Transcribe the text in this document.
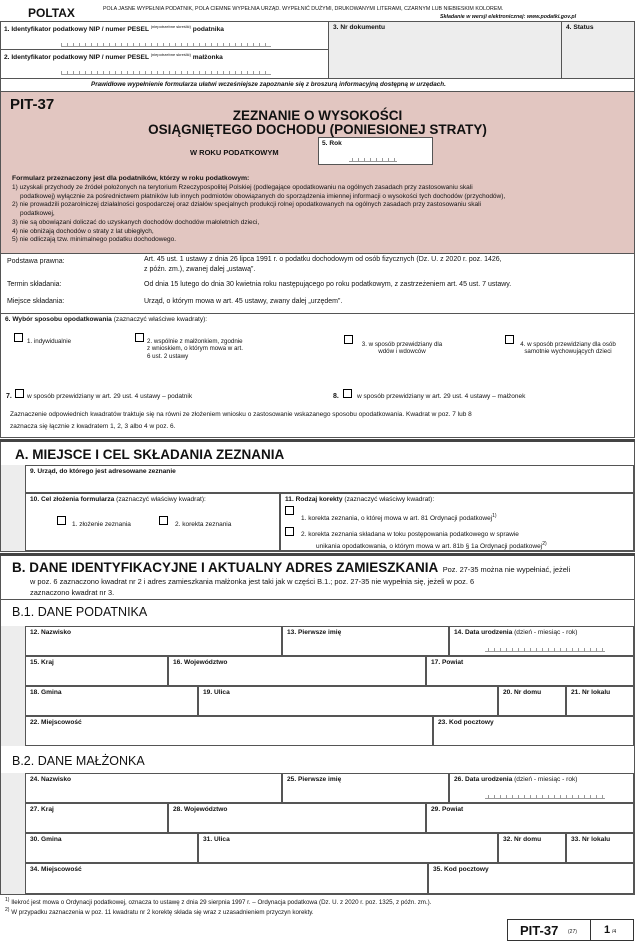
POLTAX	POLA JASNE WYPEŁNIA PODATNIK, POLA CIEMNE WYPEŁNIA URZĄD. WYPEŁNIĆ DUŻYMI, DRUKOWANYMI LITERAMI, CZARNYM LUB NIEBIESKIM KOLOREM.
Składanie w wersji elektronicznej: www.podatki.gov.pl
1. Identyfikator podatkowy NIP / numer PESEL $^{(niepotrzebne skreślić)}$ podatnika
2. Identyfikator podatkowy NIP / numer PESEL $^{(niepotrzebne skreślić)}$ małżonka
3. Nr dokumentu	4. Status
Prawidłowe wypełnienie formularza ułatwi wcześniejsze zapoznanie się z broszurą informacyjną dostępną w urzędach.
PIT-37
ZEZNANIE O WYSOKOŚCI
OSIĄGNIĘTEGO DOCHODU (PONIESIONEJ STRATY)
W ROKU PODATKOWYM
5. Rok
Formularz przeznaczony jest dla podatników, którzy w roku podatkowym:
1) uzyskali przychody ze źródeł położonych na terytorium Rzeczypospolitej Polskiej (podlegające opodatkowaniu na ogólnych zasadach przy zastosowaniu skali
podatkowej) wyłącznie za pośrednictwem płatników lub innych podmiotów obowiązanych do sporządzenia imiennej informacji o wysokości tych dochodów (przychodów),
2) nie prowadzili pozarolniczej działalności gospodarczej oraz działów specjalnych produkcji rolnej opodatkowanych na ogólnych zasadach przy zastosowaniu skali
podatkowej,
3) nie są obowiązani doliczać do uzyskanych dochodów dochodów małoletnich dzieci,
4) nie obniżają dochodów o straty z lat ubiegłych,
5) nie odliczają tzw. minimalnego podatku dochodowego.
Podstawa prawna:	Art. 45 ust. 1 ustawy z dnia 26 lipca 1991 r. o podatku dochodowym od osób fizycznych (Dz. U. z 2020 r. poz. 1426,
z późn. zm.), zwanej dalej „ustawą”.
Termin składania:	Od dnia 15 lutego do dnia 30 kwietnia roku następującego po roku podatkowym, z zastrzeżeniem art. 45 ust. 7 ustawy.
Miejsce składania:	Urząd, o którym mowa w art. 45 ustawy, zwany dalej „urzędem”.
6. Wybór sposobu opodatkowania (zaznaczyć właściwe kwadraty):
1. indywidualnie	2. wspólnie z małżonkiem, zgodnie z wnioskiem, o którym mowa w art. 6 ust. 2 ustawy
3. w sposób przewidziany dla wdów i wdowców
4. w sposób przewidziany dla osób samotnie wychowujących dzieci
7. w sposób przewidziany w art. 29 ust. 4 ustawy – podatnik	8.	w sposób przewidziany w art. 29 ust. 4 ustawy – małżonek
Zaznaczenie odpowiednich kwadratów traktuje się na równi ze złożeniem wniosku o zastosowanie wskazanego sposobu opodatkowania. Kwadrat w poz. 7 lub 8
zaznacza się łącznie z kwadratem 1, 2, 3 albo 4 w poz. 6.
A. MIEJSCE I CEL SKŁADANIA ZEZNANIA
9. Urząd, do którego jest adresowane zeznanie
10. Cel złożenia formularza (zaznaczyć właściwy kwadrat):
1. złożenie zeznania	2. korekta zeznania
11. Rodzaj korekty (zaznaczyć właściwy kwadrat):
1. korekta zeznania, o której mowa w art. 81 Ordynacji podatkowej$^{1)}$
2. korekta zeznania składana w toku postępowania podatkowego w sprawie
unikania opodatkowania, o którym mowa w art. 81b § 1a Ordynacji podatkowej$^{2)}$
B. DANE IDENTYFIKACYJNE I AKTUALNY ADRES ZAMIESZKANIA Poz. 27-35 można nie wypełniać, jeżeli
w poz. 6 zaznaczono kwadrat nr 2 i adres zamieszkania małżonka jest taki jak w części B.1.; poz. 27-35 nie wypełnia się, jeżeli w poz. 6
zaznaczono kwadrat nr 3.
B.1. DANE PODATNIKA
12. Nazwisko	13. Pierwsze imię	14. Data urodzenia (dzień - miesiąc - rok)
15. Kraj	16. Województwo	17. Powiat
18. Gmina	19. Ulica	20. Nr domu	21. Nr lokalu
22. Miejscowość	23. Kod pocztowy
B.2. DANE MAŁŻONKA
24. Nazwisko	25. Pierwsze imię	26. Data urodzenia (dzień - miesiąc - rok)
27. Kraj	28. Województwo	29. Powiat
30. Gmina	31. Ulica	32. Nr domu	33. Nr lokalu
34. Miejscowość	35. Kod pocztowy
$^{1)}$ Ilekroć jest mowa o Ordynacji podatkowej, oznacza to ustawę z dnia 29 sierpnia 1997 r. – Ordynacja podatkowa (Dz. U. z 2020 r. poz. 1325, z późn. zm.).
$^{2)}$ W przypadku zaznaczenia w poz. 11 kwadratu nr 2 korektę składa się wraz z uzasadnieniem przyczyn korekty.
PIT-37 (27) 1 /4
